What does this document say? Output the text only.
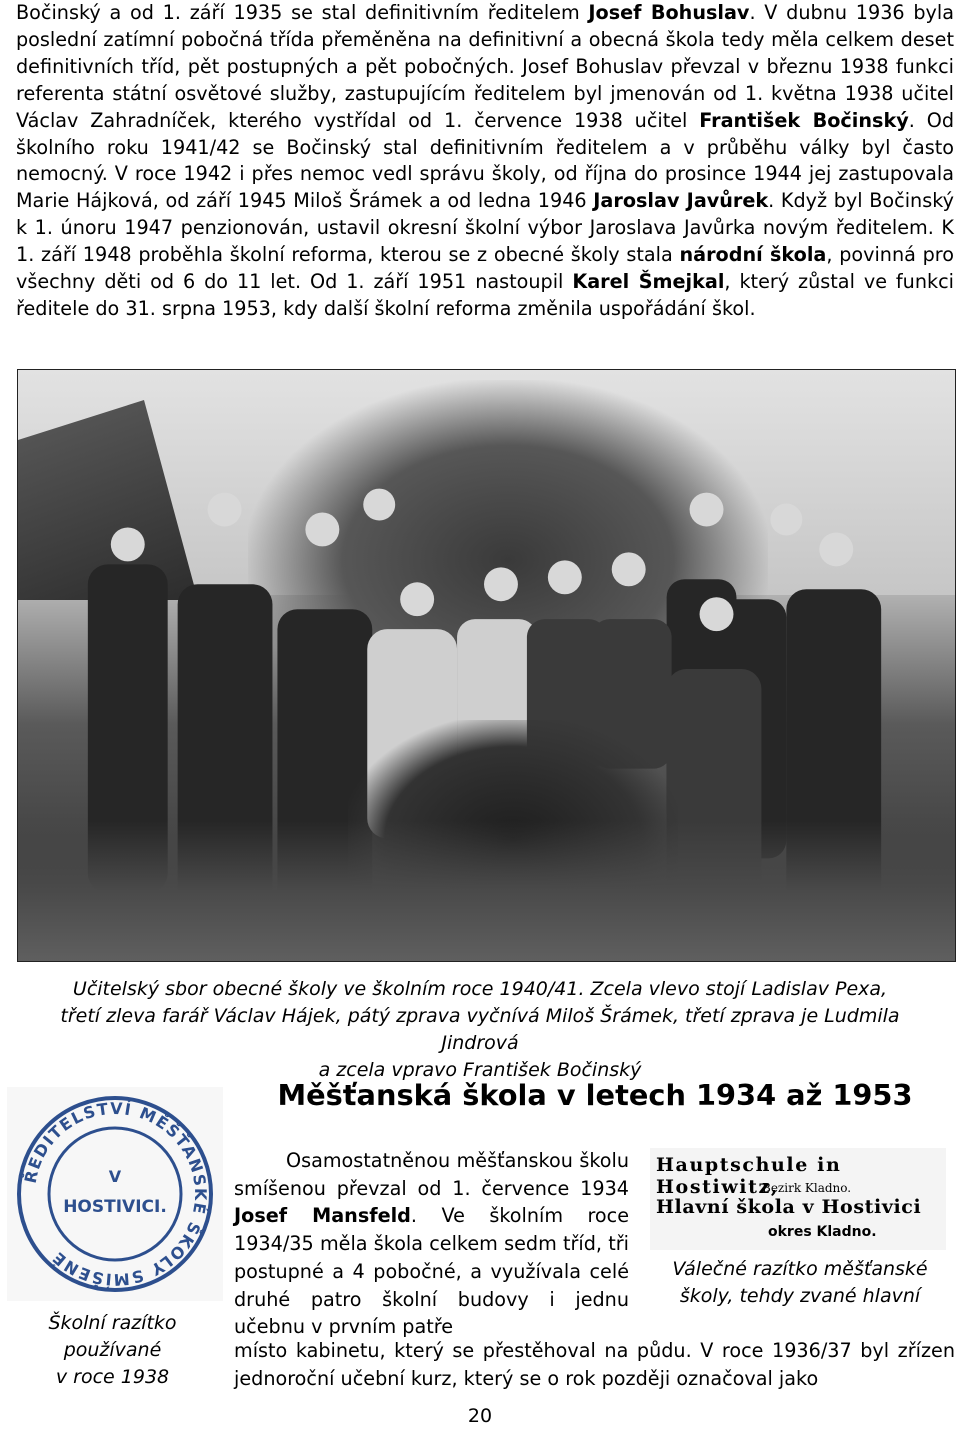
Bočinský a od 1. září 1935 se stal definitivním ředitelem Josef Bohuslav. V dubnu 1936 byla poslední zatímní pobočná třída přeměněna na definitivní a obecná škola tedy měla celkem deset definitivních tříd, pět postupných a pět pobočných. Josef Bohuslav převzal v březnu 1938 funkci referenta státní osvětové služby, zastupujícím ředitelem byl jmenován od 1. května 1938 učitel Václav Zahradníček, kterého vystřídal od 1. července 1938 učitel František Bočinský. Od školního roku 1941/42 se Bočinský stal definitivním ředitelem a v průběhu války byl často nemocný. V roce 1942 i přes nemoc vedl správu školy, od října do prosince 1944 jej zastupovala Marie Hájková, od září 1945 Miloš Šrámek a od ledna 1946 Jaroslav Javůrek. Když byl Bočinský k 1. únoru 1947 penzionován, ustavil okresní školní výbor Jaroslava Javůrka novým ředitelem. K 1. září 1948 proběhla školní reforma, kterou se z obecné školy stala národní škola, povinná pro všechny děti od 6 do 11 let. Od 1. září 1951 nastoupil Karel Šmejkal, který zůstal ve funkci ředitele do 31. srpna 1953, kdy další školní reforma změnila uspořádání škol.

Učitelský sbor obecné školy ve školním roce 1940/41. Zcela vlevo stojí Ladislav Pexa,

třetí zleva farář Václav Hájek, pátý zprava vyčnívá Miloš Šrámek, třetí zprava je Ludmila Jindrová

a zcela vpravo František Bočinský

Měšťanská škola v letech 1934 až 1953
ŘEDITELSTVÍ MĚŠŤANSKÉ ŠKOLY SMÍŠENÉ
V
HOSTIVICI.

Školní razítko

používané

v roce 1938

Osamostatněnou měšťanskou školu smíšenou převzal od 1. července 1934 Josef Mansfeld. Ve školním roce 1934/35 měla škola celkem sedm tříd, tři postupné a 4 pobočné, a využívala celé druhé patro školní budovy i jednu učebnu v prvním patře

místo kabinetu, který se přestěhoval na půdu. V roce 1936/37 byl zřízen jednoroční učební kurz, který se o rok později označoval jako

Hauptschule in Hostiwitz,
Bezirk Kladno.
Hlavní škola v Hostivici
okres Kladno.

Válečné razítko měšťanské

školy, tehdy zvané hlavní

20
